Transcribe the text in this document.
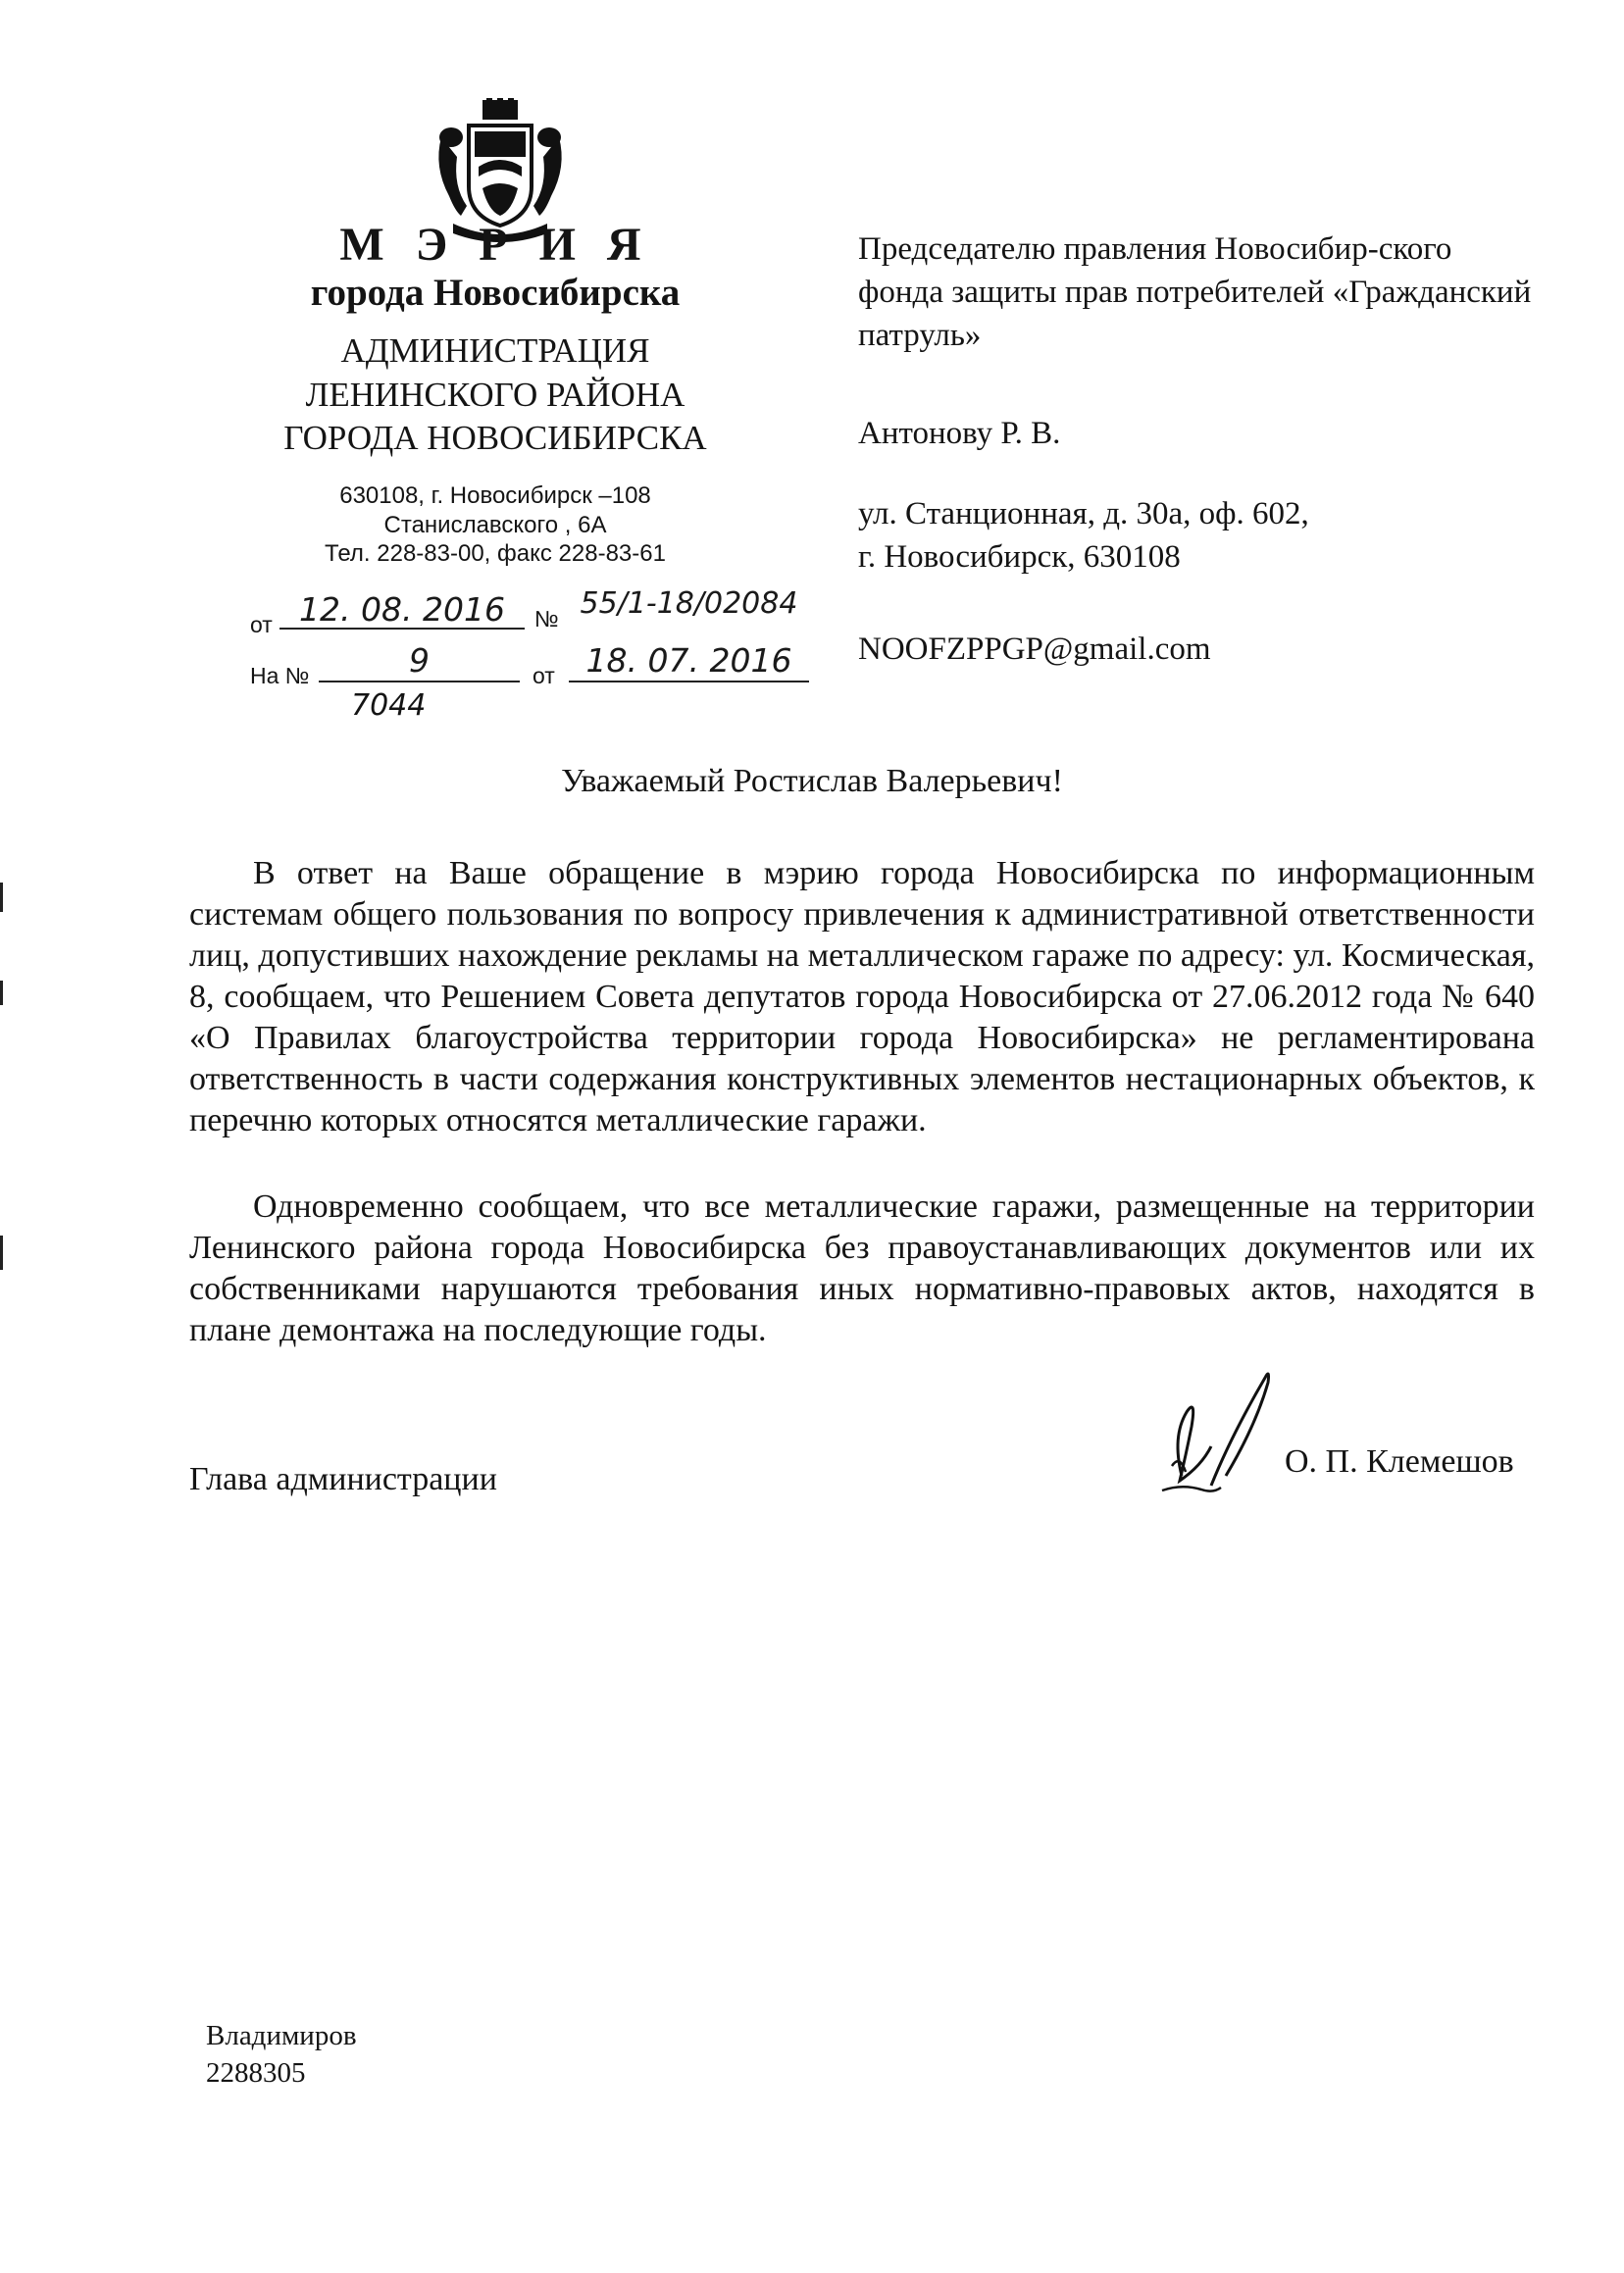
М Э Р И Я
города Новосибирска
АДМИНИСТРАЦИЯ
ЛЕНИНСКОГО РАЙОНА
ГОРОДА НОВОСИБИРСКА
630108, г. Новосибирск –108
Станиславского , 6А
Тел. 228-83-00, факс 228-83-61
от 12. 08. 2016	№ 55/1-18/02084
На №	9	от 18. 07. 2016
7044
Председателю правления Новосибир-ского фонда защиты прав потребителей «Гражданский патруль»
Антонову Р. В.
ул. Станционная, д. 30а, оф. 602,
г. Новосибирск, 630108
NOOFZPPGP@gmail.com
Уважаемый Ростислав Валерьевич!
В ответ на Ваше обращение в мэрию города Новосибирска по информационным системам общего пользования по вопросу привлечения к административной ответственности лиц, допустивших нахождение рекламы на металлическом гараже по адресу: ул. Космическая, 8, сообщаем, что Решением Совета депутатов города Новосибирска от 27.06.2012 года № 640 «О Правилах благоустройства территории города Новосибирска» не регламентирована ответственность в части содержания конструктивных элементов нестационарных объектов, к перечню которых относятся металлические гаражи.
Одновременно сообщаем, что все металлические гаражи, размещенные на территории Ленинского района города Новосибирска без правоустанавливающих документов или их собственниками нарушаются требования иных нормативно-правовых актов, находятся в плане демонтажа на последующие годы.
Глава администрации	О. П. Клемешов
Владимиров
2288305
